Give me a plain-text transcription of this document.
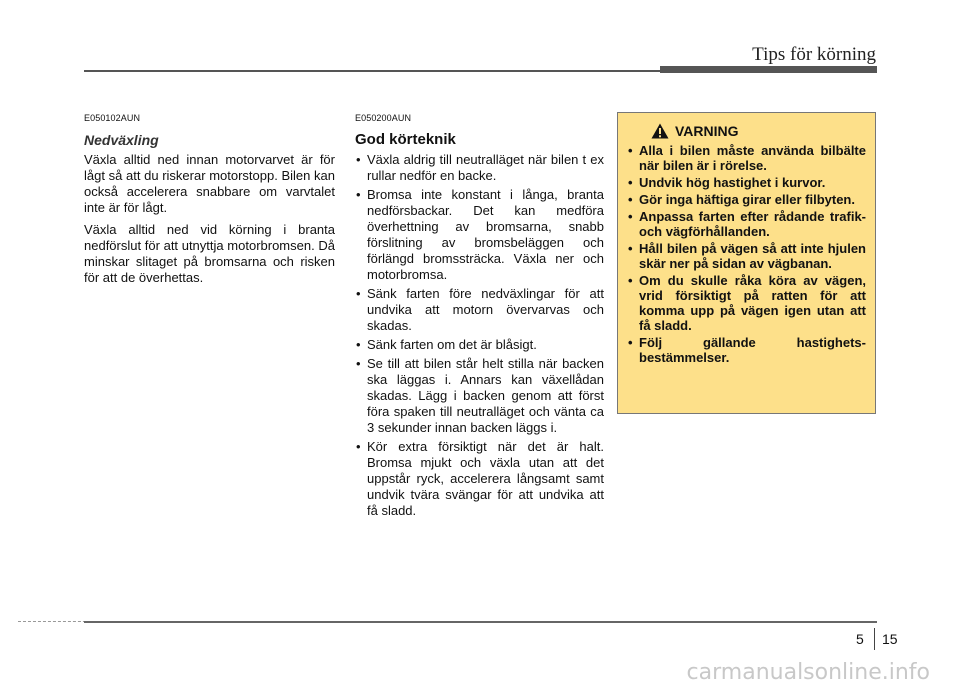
Tips för körning
E050102AUN
Nedväxling

Växla alltid ned innan motorvarvet är för lågt så att du riskerar motorstopp. Bilen kan också accelerera snabbare om varvtalet inte är för lågt.

Växla alltid ned vid körning i branta nedförslut för att utnyttja motorbromsen. Då minskar slitaget på bromsarna och risken för att de överhettas.

E050200AUN
God körteknik
• Växla aldrig till neutralläget när bilen t ex rullar nedför en backe.
• Bromsa inte konstant i långa, branta nedförsbackar. Det kan medföra överhettning av bromsarna, snabb förslitning av bromsbeläggen och förlängd bromssträcka. Växla ner och motorbromsa.
• Sänk farten före nedväxlingar för att undvika att motorn övervarvas och skadas.
• Sänk farten om det är blåsigt.
• Se till att bilen står helt stilla när backen ska läggas i. Annars kan växellådan skadas. Lägg i backen genom att först föra spaken till neutralläget och vänta ca 3 sekunder innan backen läggs i.
• Kör extra försiktigt när det är halt. Bromsa mjukt och växla utan att det uppstår ryck, accelerera långsamt samt undvik tvära svängar för att undvika att få sladd.
VARNING
• Alla i bilen måste använda bilbälte när bilen är i rörelse.
• Undvik hög hastighet i kurvor.
• Gör inga häftiga girar eller filbyten.
• Anpassa farten efter rådande trafik- och vägförhållanden.
• Håll bilen på vägen så att inte hjulen skär ner på sidan av vägbanan.
• Om du skulle råka köra av vägen, vrid försiktigt på ratten för att komma upp på vägen igen utan att få sladd.
• Följ gällande hastighets-bestämmelser.
5 15
carmanualsonline.info
